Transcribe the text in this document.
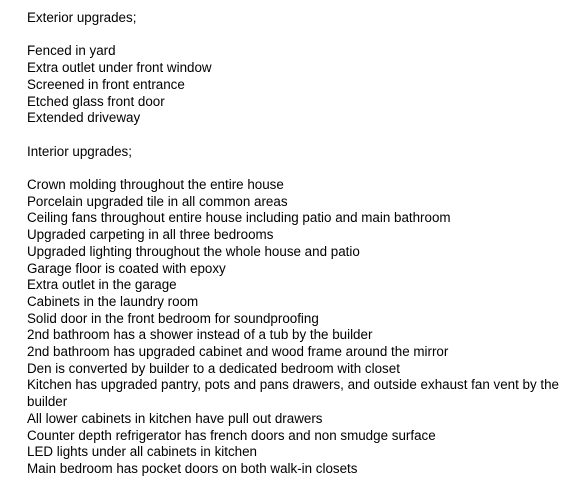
Exterior upgrades;

Fenced in yard

Extra outlet under front window

Screened in front entrance

Etched glass front door

Extended driveway

Interior upgrades;

Crown molding throughout the entire house

Porcelain upgraded tile in all common areas

Ceiling fans throughout entire house including patio and main bathroom

Upgraded carpeting in all three bedrooms

Upgraded lighting throughout the whole house and patio

Garage floor is coated with epoxy

Extra outlet in the garage

Cabinets in the laundry room

Solid door in the front bedroom for soundproofing

2nd bathroom has a shower instead of a tub by the builder

2nd bathroom has upgraded cabinet and wood frame around the mirror

Den is converted by builder to a dedicated bedroom with closet

Kitchen has upgraded pantry, pots and pans drawers, and outside exhaust fan vent by the builder

All lower cabinets in kitchen have pull out drawers

Counter depth refrigerator has french doors and non smudge surface

LED lights under all cabinets in kitchen

Main bedroom has pocket doors on both walk-in closets
